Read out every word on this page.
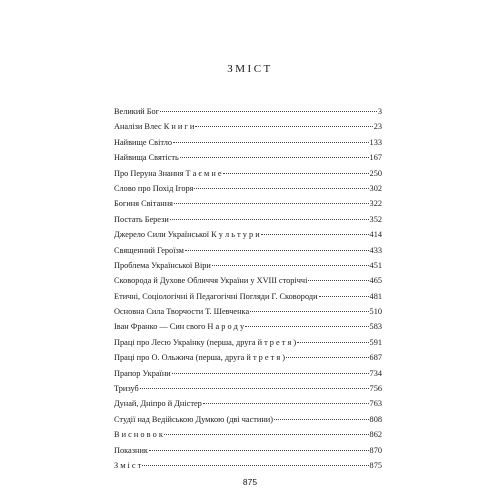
ЗМІСТ
Великий Бог	3
Аналізи Влес К н и г и	23
Найвище Світло	133
Найвища Святість	167
Про Перуна Знання Т а є м н е	250
Слово про Похід Ігоря	302
Богиня Світання	322
Постать Берези	352
Джерело Сили Української К у л ь т у р и	414
Священний Героїзм	433
Проблема Української Віри	451
Сковорода й Духове Обличчя України у XVIII сторіччі	465
Етичні, Соціологічні й Педагогічні Погляди Г. Сковороди	481
Основна Сила Творчости Т. Шевченка	510
Іван Франко — Син свого Н а р о д у	583
Праці про Лесю Українку (перша, друга й т р е т я )	591
Праці про О. Ольжича (перша, друга й т р е т я )	687
Прапор України	734
Тризуб	756
Дунай, Дніпро й Дністер	763
Студії над Ведійською Думкою (дві частини)	808
В и с н о в о к	862
Показник	870
З м і с т	875

875
